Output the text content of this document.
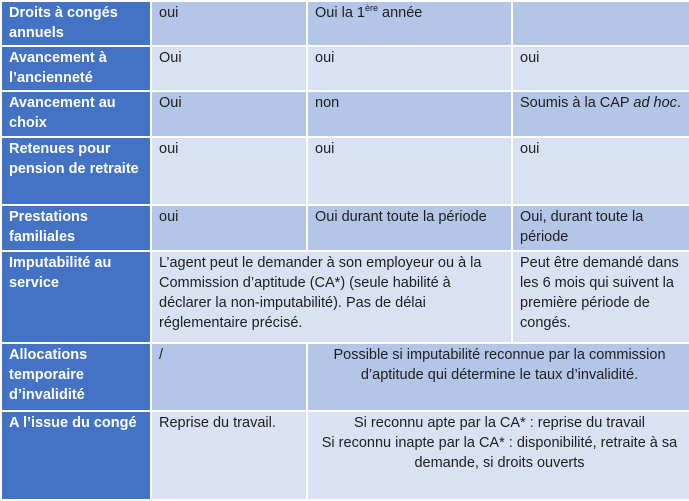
Droits à congés annuels	oui	Oui la 1ère année	
Avancement à l’ancienneté	Oui	oui	oui
Avancement au choix	Oui	non	Soumis à la CAP ad hoc.
Retenues pour pension de retraite	oui	oui	oui
Prestations familiales	oui	Oui durant toute la période	Oui, durant toute la période
Imputabilité au service	L’agent peut le demander à son employeur ou à la Commission d’aptitude (CA*) (seule habilité à déclarer la non-imputabilité). Pas de délai réglementaire précisé.		Peut être demandé dans les 6 mois qui suivent la première période de congés.
Allocations temporaire d’invalidité	/	Possible si imputabilité reconnue par la commission d’aptitude qui détermine le taux d’invalidité.	
A l’issue du congé	Reprise du travail.	Si reconnu apte par la CA* : reprise du travail
Si reconnu inapte par la CA* : disponibilité, retraite à sa demande, si droits ouverts	
